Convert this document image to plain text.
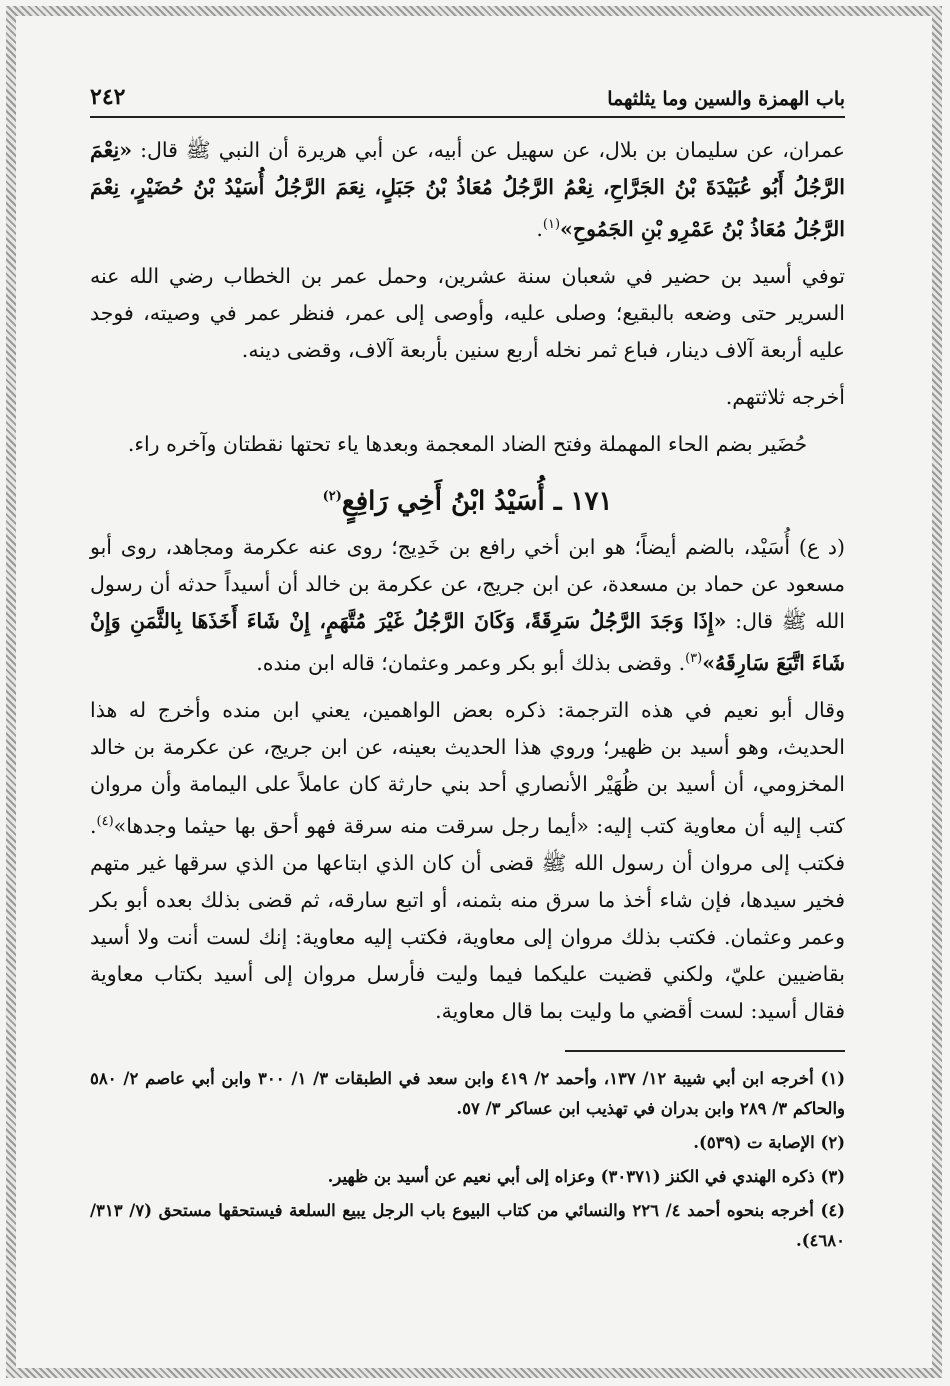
باب الهمزة والسين وما يثلثهما
٢٤٢

عمران، عن سليمان بن بلال، عن سهيل عن أبيه، عن أبي هريرة أن النبي ﷺ قال: «نِعْمَ الرَّجُلُ أَبُو عُبَيْدَةَ بْنُ الجَرَّاحِ، نِعْمُ الرَّجُلُ مُعَاذُ بْنُ جَبَلٍ، نِعَمَ الرَّجُلُ أُسَيْدُ بْنُ حُضَيْرٍ، نِعْمَ الرَّجُلُ مُعَاذُ بْنُ عَمْرِو بْنِ الجَمُوحِ»$^{(١)}$.

توفي أسيد بن حضير في شعبان سنة عشرين، وحمل عمر بن الخطاب رضي الله عنه السرير حتى وضعه بالبقيع؛ وصلى عليه، وأوصى إلى عمر، فنظر عمر في وصيته، فوجد عليه أربعة آلاف دينار، فباع ثمر نخله أربع سنين بأربعة آلاف، وقضى دينه.

أخرجه ثلاثتهم.

حُضَير بضم الحاء المهملة وفتح الضاد المعجمة وبعدها ياء تحتها نقطتان وآخره راء.

١٧١ ـ أُسَيْدُ ابْنُ أَخِي رَافِعٍ$^{(٢)}$

(د ع) أُسَيْد، بالضم أيضاً؛ هو ابن أخي رافع بن خَدِيج؛ روى عنه عكرمة ومجاهد، روى أبو مسعود عن حماد بن مسعدة، عن ابن جريج، عن عكرمة بن خالد أن أسيداً حدثه أن رسول الله ﷺ قال: «إِذَا وَجَدَ الرَّجُلُ سَرِقَةً، وَكَانَ الرَّجُلُ غَيْرَ مُتَّهَمٍ، إِنْ شَاءَ أَخَذَهَا بِالثَّمَنِ وَإِنْ شَاءَ اتَّبَعَ سَارِقَهُ»$^{(٣)}$. وقضى بذلك أبو بكر وعمر وعثمان؛ قاله ابن منده.

وقال أبو نعيم في هذه الترجمة: ذكره بعض الواهمين، يعني ابن منده وأخرج له هذا الحديث، وهو أسيد بن ظهير؛ وروي هذا الحديث بعينه، عن ابن جريج، عن عكرمة بن خالد المخزومي، أن أسيد بن ظُهَيْر الأنصاري أحد بني حارثة كان عاملاً على اليمامة وأن مروان كتب إليه أن معاوية كتب إليه: «أيما رجل سرقت منه سرقة فهو أحق بها حيثما وجدها»$^{(٤)}$. فكتب إلى مروان أن رسول الله ﷺ قضى أن كان الذي ابتاعها من الذي سرقها غير متهم فخير سيدها، فإن شاء أخذ ما سرق منه بثمنه، أو اتبع سارقه، ثم قضى بذلك بعده أبو بكر وعمر وعثمان. فكتب بذلك مروان إلى معاوية، فكتب إليه معاوية: إنك لست أنت ولا أسيد بقاضيين عليّ، ولكني قضيت عليكما فيما وليت فأرسل مروان إلى أسيد بكتاب معاوية فقال أسيد: لست أقضي ما وليت بما قال معاوية.

(١) أخرجه ابن أبي شيبة ١٢/ ١٣٧، وأحمد ٢/ ٤١٩ وابن سعد في الطبقات ٣/ ١/ ٣٠٠ وابن أبي عاصم ٢/ ٥٨٠ والحاكم ٣/ ٢٨٩ وابن بدران في تهذيب ابن عساكر ٣/ ٥٧.

(٢) الإصابة ت (٥٣٩).

(٣) ذكره الهندي في الكنز (٣٠٣٧١) وعزاه إلى أبي نعيم عن أسيد بن ظهير.

(٤) أخرجه بنحوه أحمد ٤/ ٢٢٦ والنسائي من كتاب البيوع باب الرجل يبيع السلعة فيستحقها مستحق (٧/ ٣١٣/ ٤٦٨٠).
